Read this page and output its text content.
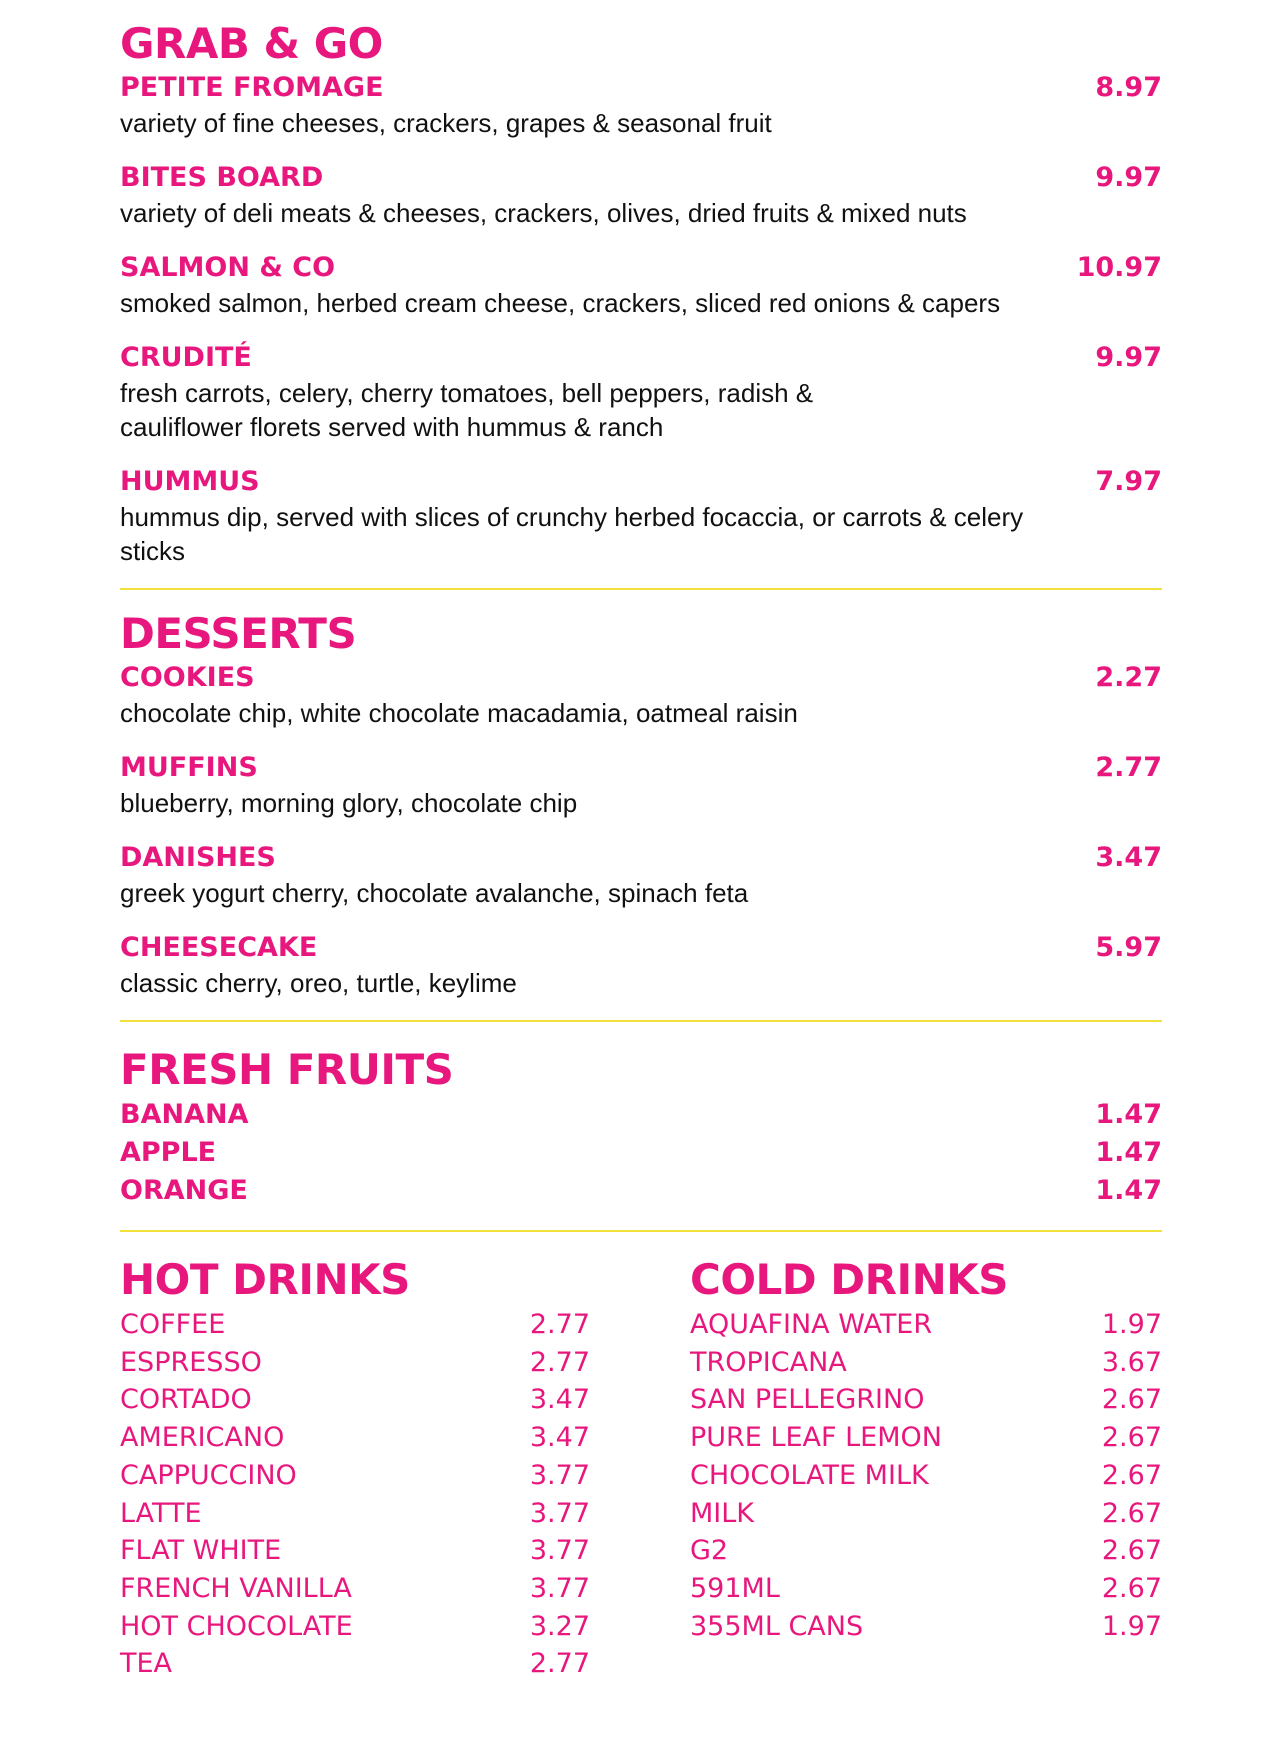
GRAB & GO
PETITE FROMAGE	8.97
variety of fine cheeses, crackers, grapes & seasonal fruit
BITES BOARD	9.97
variety of deli meats & cheeses, crackers, olives, dried fruits & mixed nuts
SALMON & CO	10.97
smoked salmon, herbed cream cheese, crackers, sliced red onions & capers
CRUDITÉ	9.97
fresh carrots, celery, cherry tomatoes, bell peppers, radish & cauliflower florets served with hummus & ranch
HUMMUS	7.97
hummus dip, served with slices of crunchy herbed focaccia, or carrots & celery sticks
DESSERTS
COOKIES	2.27
chocolate chip, white chocolate macadamia, oatmeal raisin
MUFFINS	2.77
blueberry, morning glory, chocolate chip
DANISHES	3.47
greek yogurt cherry, chocolate avalanche, spinach feta
CHEESECAKE	5.97
classic cherry, oreo, turtle, keylime
FRESH FRUITS
BANANA	1.47
APPLE	1.47
ORANGE	1.47
HOT DRINKS
COFFEE	2.77
ESPRESSO	2.77
CORTADO	3.47
AMERICANO	3.47
CAPPUCCINO	3.77
LATTE	3.77
FLAT WHITE	3.77
FRENCH VANILLA	3.77
HOT CHOCOLATE	3.27
TEA	2.77
COLD DRINKS
AQUAFINA WATER	1.97
TROPICANA	3.67
SAN PELLEGRINO	2.67
PURE LEAF LEMON	2.67
CHOCOLATE MILK	2.67
MILK	2.67
G2	2.67
591ML	2.67
355ML CANS	1.97
